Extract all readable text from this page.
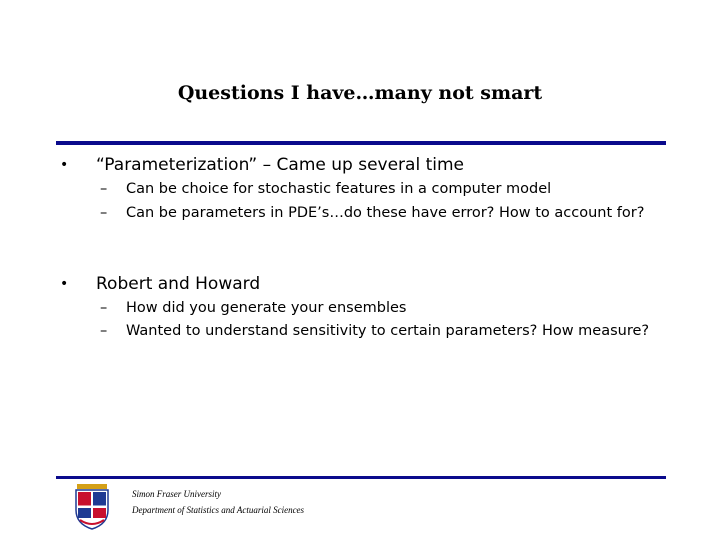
Questions I have…many not smart
• “Parameterization” – Came up several time
– Can be choice for stochastic features in a computer model
– Can be parameters in PDE’s…do these have error? How to account for?
• Robert and Howard
– How did you generate your ensembles
– Wanted to understand sensitivity to certain parameters? How measure?
Simon Fraser University
Department of Statistics and Actuarial Sciences
